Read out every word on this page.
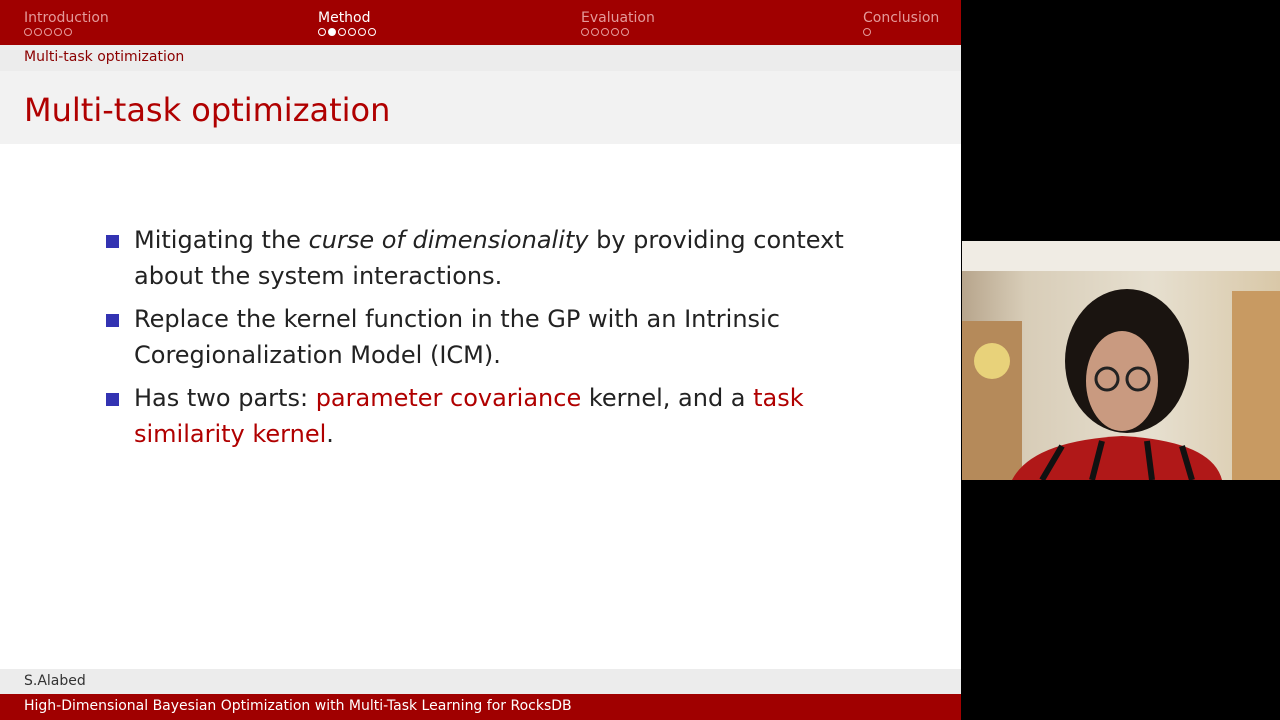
Introduction	Method	Evaluation	Conclusion
Multi-task optimization
Multi-task optimization
Mitigating the curse of dimensionality by providing context about the system interactions.
Replace the kernel function in the GP with an Intrinsic Coregionalization Model (ICM).
Has two parts: parameter covariance kernel, and a task similarity kernel.
S.Alabed
High-Dimensional Bayesian Optimization with Multi-Task Learning for RocksDB
